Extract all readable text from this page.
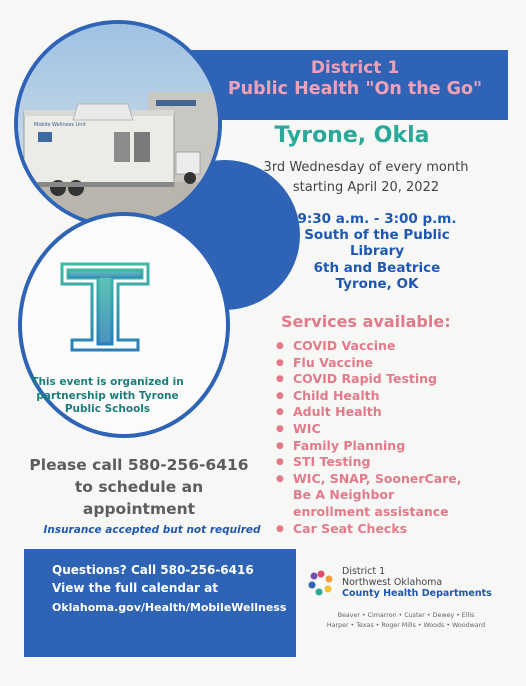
District 1
Public Health "On the Go"
Mobile Wellness Unit
This event is organized in
partnership with Tyrone
Public Schools
Tyrone, Okla
3rd Wednesday of every month
starting April 20, 2022
9:30 a.m. - 3:00 p.m.
South of the Public
Library
6th and Beatrice
Tyrone, OK
Services available:
● COVID Vaccine
● Flu Vaccine
● COVID Rapid Testing
● Child Health
● Adult Health
● WIC
● Family Planning
● STI Testing
● WIC, SNAP, SoonerCare,
Be A Neighbor
enrollment assistance
● Car Seat Checks
Please call 580-256-6416
to schedule an
appointment
Insurance accepted but not required
Questions? Call 580-256-6416
View the full calendar at
Oklahoma.gov/Health/MobileWellness
District 1
Northwest Oklahoma
County Health Departments
Beaver • Cimarron • Custer • Dewey • Ellis
Harper • Texas • Roger Mills • Woods • Woodward
